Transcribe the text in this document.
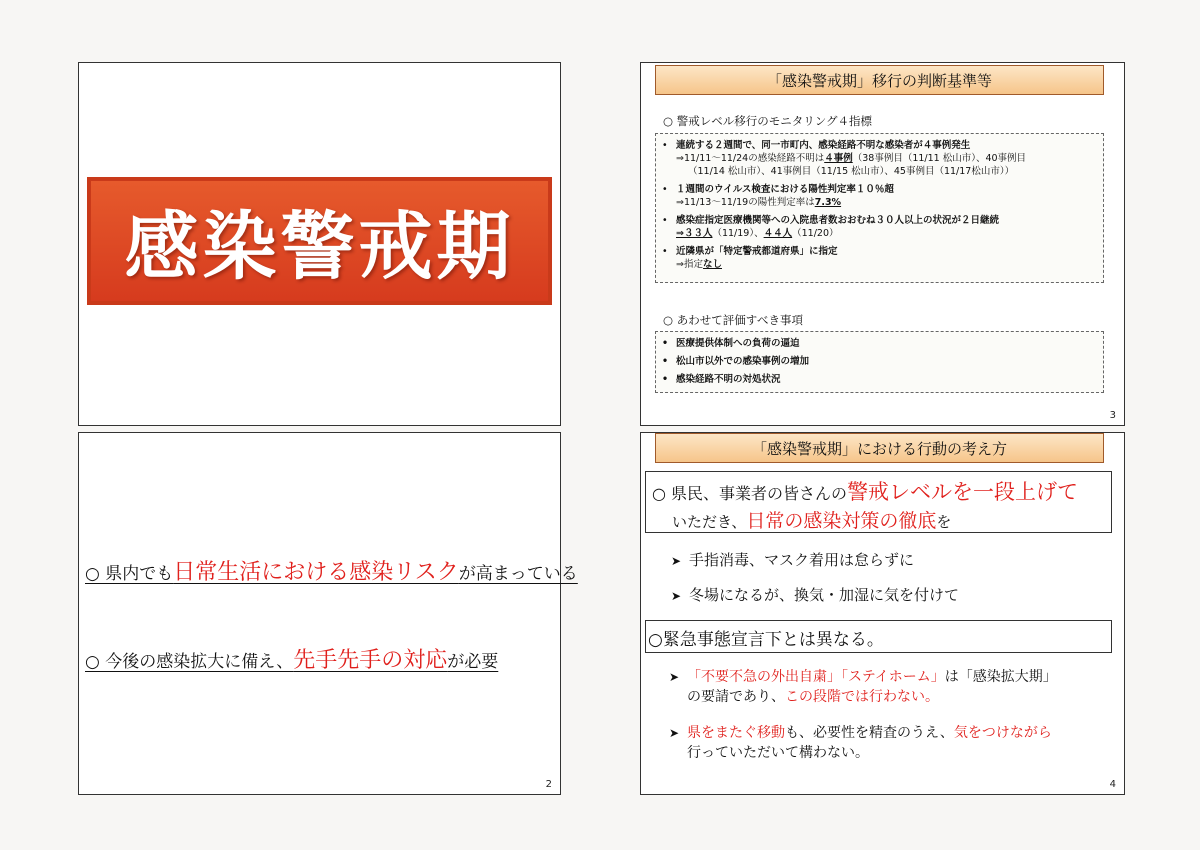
感染警戒期
○ 県内でも日常生活における感染リスクが高まっている
○ 今後の感染拡大に備え、先手先手の対応が必要
2
「感染警戒期」移行の判断基準等
○ 警戒レベル移行のモニタリング４指標
• 連続する２週間で、同一市町内、感染経路不明な感染者が４事例発生
⇒11/11～11/24の感染経路不明は４事例（38事例目（11/11 松山市）、40事例目
（11/14 松山市）、41事例目（11/15 松山市）、45事例目（11/17松山市））
• １週間のウイルス検査における陽性判定率１０％超
⇒11/13～11/19の陽性判定率は7.3%
• 感染症指定医療機関等への入院患者数おおむね３０人以上の状況が２日継続
⇒３３人（11/19）、４４人（11/20）
• 近隣県が「特定警戒都道府県」に指定
⇒指定なし
○ あわせて評価すべき事項
• 医療提供体制への負荷の逼迫
• 松山市以外での感染事例の増加
• 感染経路不明の対処状況
3
「感染警戒期」における行動の考え方
○ 県民、事業者の皆さんの警戒レベルを一段上げて
いただき、日常の感染対策の徹底を
➤ 手指消毒、マスク着用は怠らずに
➤ 冬場になるが、換気・加湿に気を付けて
○緊急事態宣言下とは異なる。
➤ 「不要不急の外出自粛」「ステイホーム」は「感染拡大期」
の要請であり、この段階では行わない。
➤ 県をまたぐ移動も、必要性を精査のうえ、気をつけながら
行っていただいて構わない。
4
